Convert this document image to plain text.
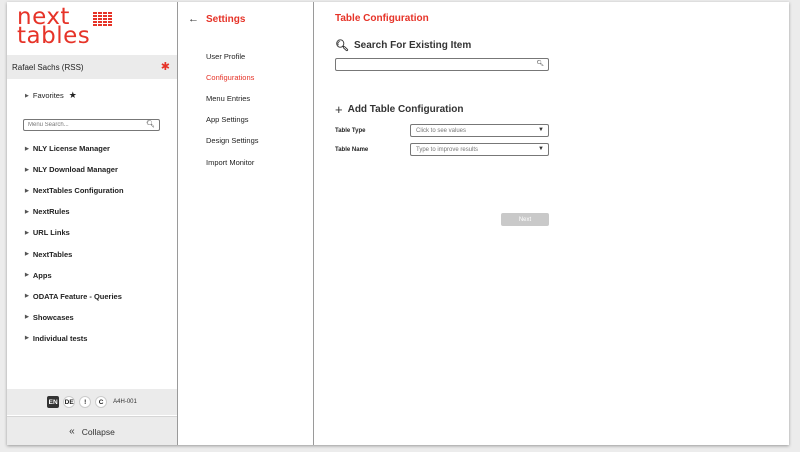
next
tables
Rafael Sachs (RSS)	✱
▶ Favorites ★
Menu Search...
🔍︎
▶ NLY License Manager
▶ NLY Download Manager
▶ NextTables Configuration
▶ NextRules
▶ URL Links
▶ NextTables
▶ Apps
▶ ODATA Feature - Queries
▶ Showcases
▶ Individual tests
EN DE	!	C	A4H-001
« Collapse
← Settings
User Profile
Configurations
Menu Entries
App Settings
Design Settings
Import Monitor
Table Configuration
🔍︎ Search For Existing Item
🔍︎
+ Add Table Configuration
Table Type	Click to see values	▼
Table Name	Type to improve results	▼
Next
